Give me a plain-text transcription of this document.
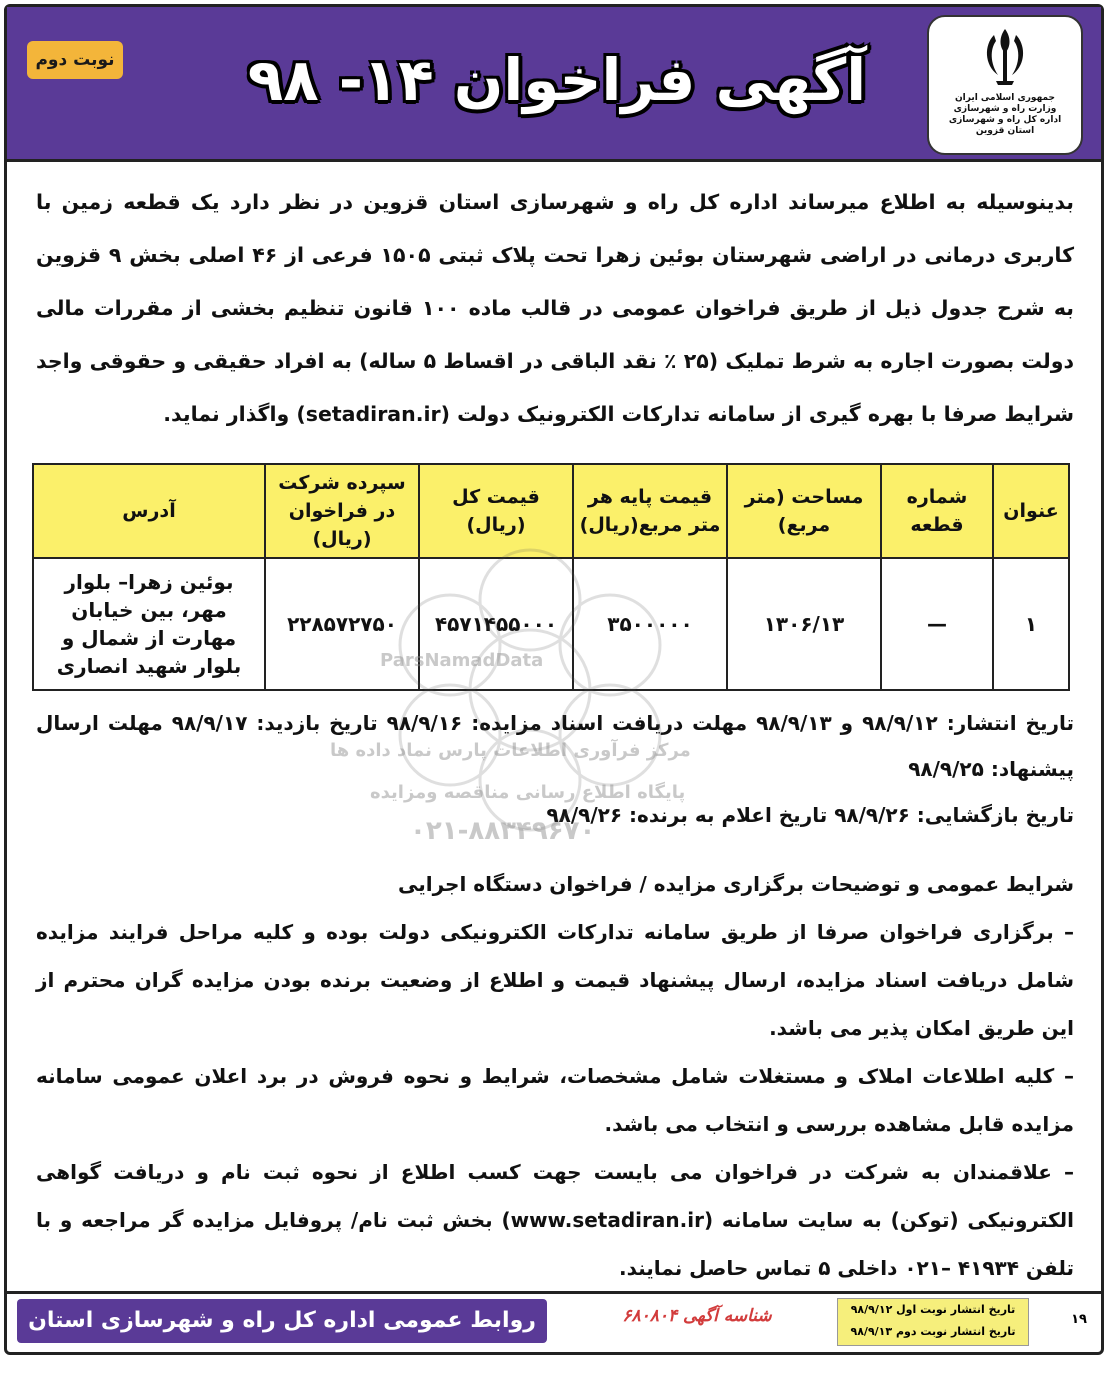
نوبت دوم	آگهی فراخوان ۱۴- ۹۸	جمهوری اسلامی ایران
وزارت راه و شهرسازی
اداره کل راه و شهرسازی
استان قزوین
بدینوسیله به اطلاع میرساند اداره کل راه و شهرسازی استان قزوین در نظر دارد یک قطعه زمین با کاربری درمانی در اراضی شهرستان بوئین زهرا تحت پلاک ثبتی ۱۵۰۵ فرعی از ۴۶ اصلی بخش ۹ قزوین به شرح جدول ذیل از طریق فراخوان عمومی در قالب ماده ۱۰۰ قانون تنظیم بخشی از مقررات مالی دولت بصورت اجاره به شرط تملیک (۲۵ ٪ نقد الباقی در اقساط ۵ ساله) به افراد حقیقی و حقوقی واجد شرایط صرفا با بهره گیری از سامانه تدارکات الکترونیک دولت (setadiran.ir) واگذار نماید.
عنوان	شماره قطعه	مساحت (متر مربع)	قیمت پایه هر متر مربع(ریال)	قیمت کل (ریال)	سپرده شرکت در فراخوان (ریال)	آدرس
۱	—	۱۳۰۶/۱۳	۳۵۰۰۰۰۰	۴۵۷۱۴۵۵۰۰۰	۲۲۸۵۷۲۷۵۰	بوئین زهرا– بلوار مهر، بین خیابان مهارت از شمال و بلوار شهید انصاری
تاریخ انتشار: ۹۸/۹/۱۲ و ۹۸/۹/۱۳ مهلت دریافت اسناد مزایده: ۹۸/۹/۱۶ تاریخ بازدید: ۹۸/۹/۱۷ مهلت ارسال پیشنهاد: ۹۸/۹/۲۵
تاریخ بازگشایی: ۹۸/۹/۲۶ تاریخ اعلام به برنده: ۹۸/۹/۲۶
شرایط عمومی و توضیحات برگزاری مزایده / فراخوان دستگاه اجرایی
– برگزاری فراخوان صرفا از طریق سامانه تدارکات الکترونیکی دولت بوده و کلیه مراحل فرایند مزایده شامل دریافت اسناد مزایده، ارسال پیشنهاد قیمت و اطلاع از وضعیت برنده بودن مزایده گران محترم از این طریق امکان پذیر می باشد.
– کلیه اطلاعات املاک و مستغلات شامل مشخصات، شرایط و نحوه فروش در برد اعلان عمومی سامانه مزایده قابل مشاهده بررسی و انتخاب می باشد.
– علاقمندان به شرکت در فراخوان می بایست جهت کسب اطلاع از نحوه ثبت نام و دریافت گواهی الکترونیکی (توکن) به سایت سامانه (www.setadiran.ir) بخش ثبت نام/ پروفایل مزایده گر مراجعه و با تلفن ۴۱۹۳۴ –۰۲۱ داخلی ۵ تماس حاصل نمایند.
ParsNamadData
مرکز فرآوری اطلاعات پارس نماد داده ها
پایگاه اطلاع رسانی مناقصه ومزایده
۰۲۱-۸۸۳۴۹۶۷۰
روابط عمومی اداره کل راه و شهرسازی استان قزوین
شناسه آگهی ۶۸۰۸۰۴	تاریخ انتشار نوبت اول ۹۸/۹/۱۲
تاریخ انتشار نوبت دوم ۹۸/۹/۱۳
۱۹
